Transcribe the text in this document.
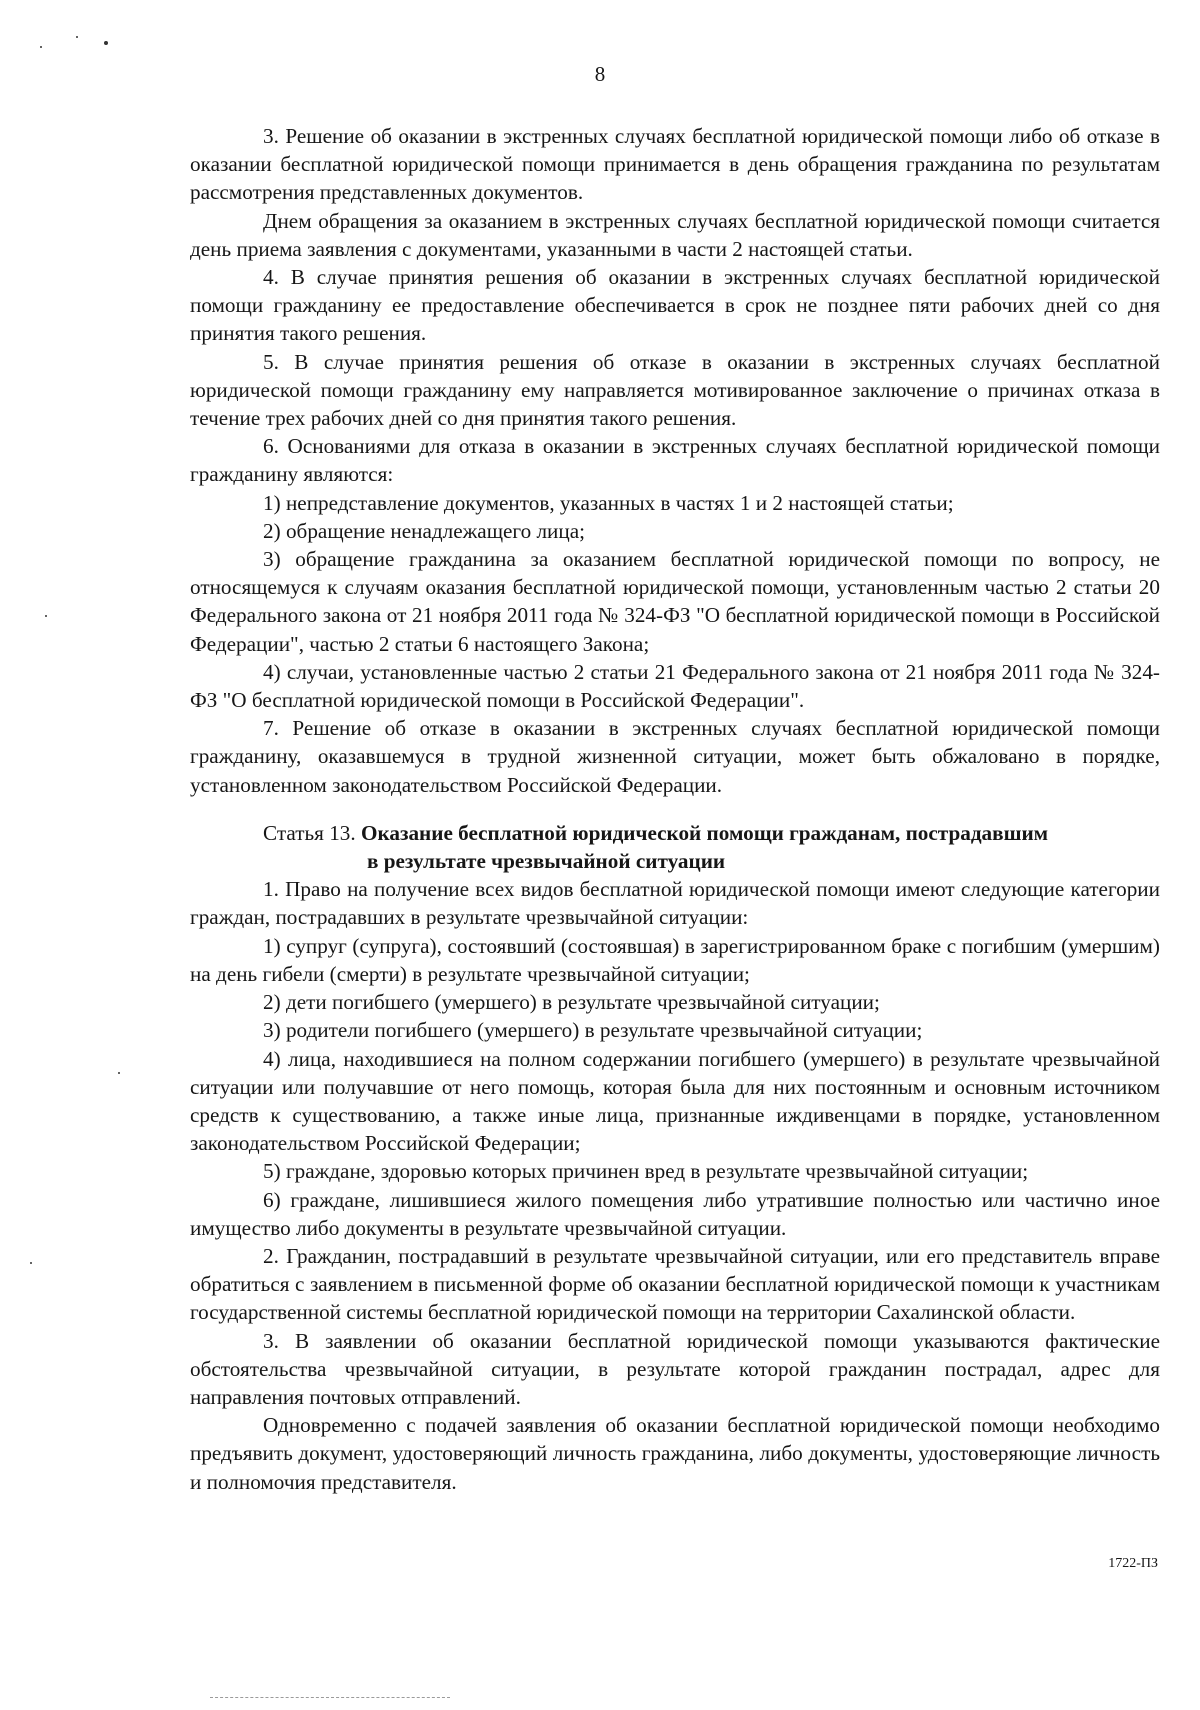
8

3. Решение об оказании в экстренных случаях бесплатной юридической помощи либо об отказе в оказании бесплатной юридической помощи принимается в день обращения гражданина по результатам рассмотрения представленных документов.

Днем обращения за оказанием в экстренных случаях бесплатной юридической помощи считается день приема заявления с документами, указанными в части 2 настоящей статьи.

4. В случае принятия решения об оказании в экстренных случаях бесплатной юридической помощи гражданину ее предоставление обеспечивается в срок не позднее пяти рабочих дней со дня принятия такого решения.

5. В случае принятия решения об отказе в оказании в экстренных случаях бесплатной юридической помощи гражданину ему направляется мотивированное заключение о причинах отказа в течение трех рабочих дней со дня принятия такого решения.

6. Основаниями для отказа в оказании в экстренных случаях бесплатной юридической помощи гражданину являются:

1) непредставление документов, указанных в частях 1 и 2 настоящей статьи;

2) обращение ненадлежащего лица;

3) обращение гражданина за оказанием бесплатной юридической помощи по вопросу, не относящемуся к случаям оказания бесплатной юридической помощи, установленным частью 2 статьи 20 Федерального закона от 21 ноября 2011 года № 324-ФЗ "О бесплатной юридической помощи в Российской Федерации", частью 2 статьи 6 настоящего Закона;

4) случаи, установленные частью 2 статьи 21 Федерального закона от 21 ноября 2011 года № 324-ФЗ "О бесплатной юридической помощи в Российской Федерации".

7. Решение об отказе в оказании в экстренных случаях бесплатной юридической помощи гражданину, оказавшемуся в трудной жизненной ситуации, может быть обжаловано в порядке, установленном законодательством Российской Федерации.

Статья 13. Оказание бесплатной юридической помощи гражданам, пострадавшим
в результате чрезвычайной ситуации

1. Право на получение всех видов бесплатной юридической помощи имеют следующие категории граждан, пострадавших в результате чрезвычайной ситуации:

1) супруг (супруга), состоявший (состоявшая) в зарегистрированном браке с погибшим (умершим) на день гибели (смерти) в результате чрезвычайной ситуации;

2) дети погибшего (умершего) в результате чрезвычайной ситуации;

3) родители погибшего (умершего) в результате чрезвычайной ситуации;

4) лица, находившиеся на полном содержании погибшего (умершего) в результате чрезвычайной ситуации или получавшие от него помощь, которая была для них постоянным и основным источником средств к существованию, а также иные лица, признанные иждивенцами в порядке, установленном законодательством Российской Федерации;

5) граждане, здоровью которых причинен вред в результате чрезвычайной ситуации;

6) граждане, лишившиеся жилого помещения либо утратившие полностью или частично иное имущество либо документы в результате чрезвычайной ситуации.

2. Гражданин, пострадавший в результате чрезвычайной ситуации, или его представитель вправе обратиться с заявлением в письменной форме об оказании бесплатной юридической помощи к участникам государственной системы бесплатной юридической помощи на территории Сахалинской области.

3. В заявлении об оказании бесплатной юридической помощи указываются фактические обстоятельства чрезвычайной ситуации, в результате которой гражданин пострадал, адрес для направления почтовых отправлений.

Одновременно с подачей заявления об оказании бесплатной юридической помощи необходимо предъявить документ, удостоверяющий личность гражданина, либо документы, удостоверяющие личность и полномочия представителя.

1722-ПЗ
